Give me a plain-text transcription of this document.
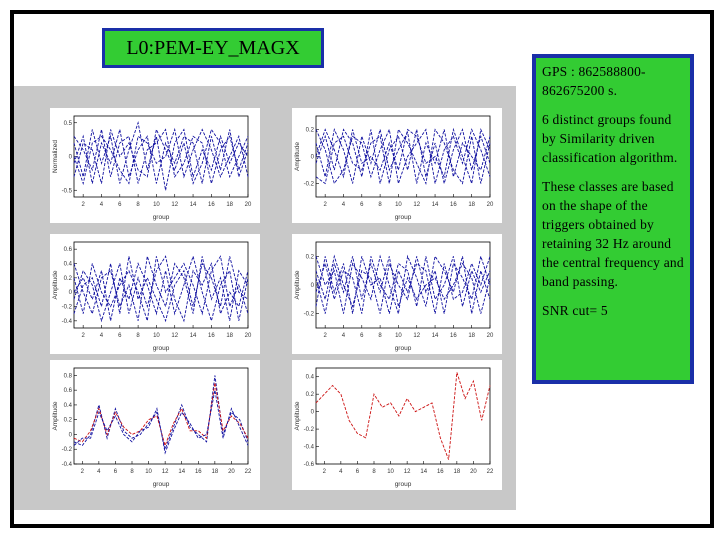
L0:PEM-EY_MAGX

GPS : 862588800-862675200 s.

6 distinct groups found by Similarity driven classification algorithm.

These classes are based on the shape of the triggers obtained by retaining 32 Hz around the central frequency and band passing.

SNR cut= 5

2 4 6 8 10 12 14 16 18 20
-0.5
0
0.5
group
Normalized
2 4 6 8 10 12 14 16 18 20
-0.2
0
0.2
group
Amplitude
2 4 6 8 10 12 14 16 18 20
-0.4
-0.2
0
0.2
0.4
0.6
group
Amplitude
2 4 6 8 10 12 14 16 18 20
-0.2
0
0.2
group
Amplitude
2 4 6 8 10 12 14 16 18 20 22
-0.4
-0.2
0
0.2
0.4
0.6
0.8
group
Amplitude
2 4 6 8 10 12 14 16 18 20 22
-0.6
-0.4
-0.2
0
0.2
0.4
group
Amplitude
